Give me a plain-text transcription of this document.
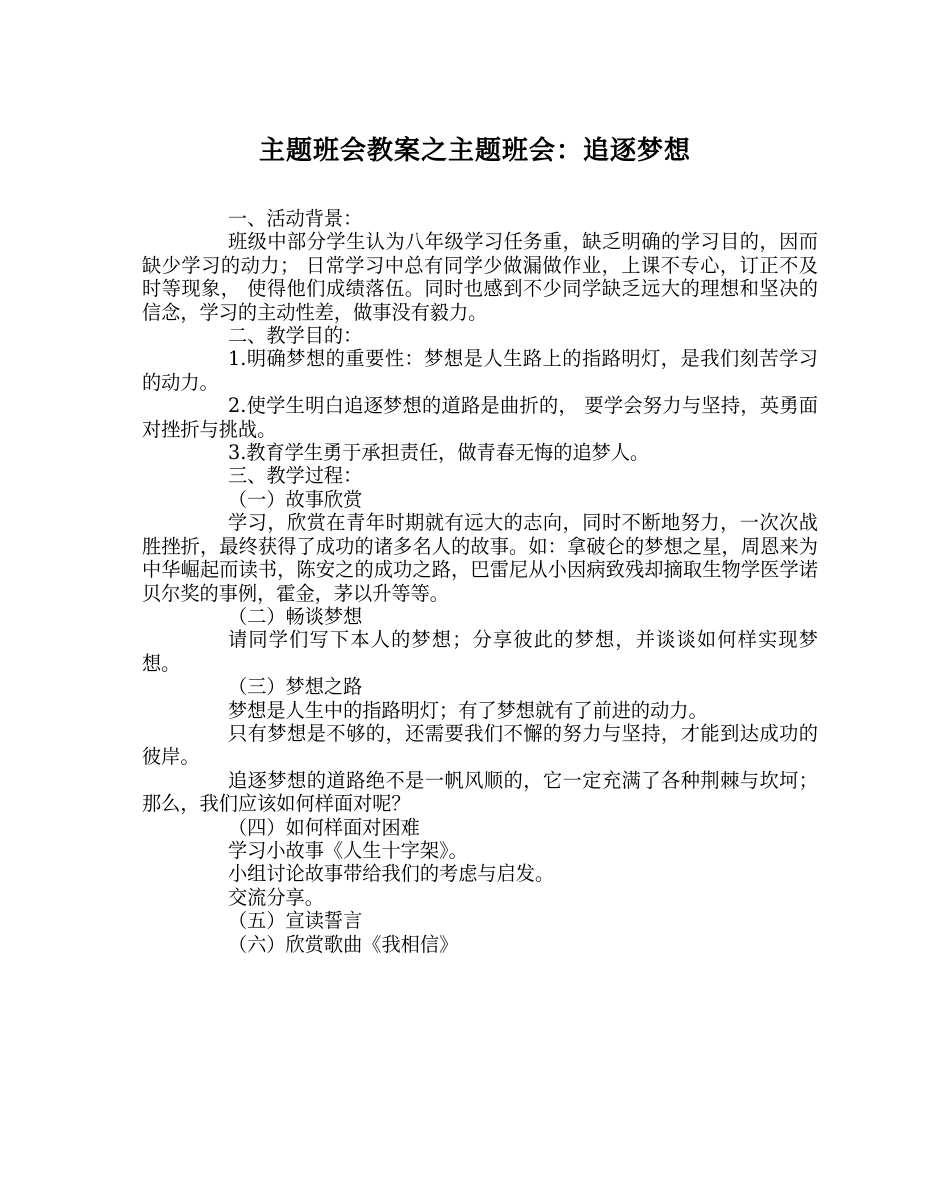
主题班会教案之主题班会：追逐梦想

一、活动背景：

班级中部分学生认为八年级学习任务重，缺乏明确的学习目的，因而缺少学习的动力； 日常学习中总有同学少做漏做作业，上课不专心，订正不及时等现象， 使得他们成绩落伍。同时也感到不少同学缺乏远大的理想和坚决的信念，学习的主动性差，做事没有毅力。

二、教学目的：

1.明确梦想的重要性：梦想是人生路上的指路明灯，是我们刻苦学习的动力。

2.使学生明白追逐梦想的道路是曲折的， 要学会努力与坚持，英勇面对挫折与挑战。

3.教育学生勇于承担责任，做青春无悔的追梦人。

三、教学过程：

（一）故事欣赏

学习，欣赏在青年时期就有远大的志向，同时不断地努力，一次次战胜挫折，最终获得了成功的诸多名人的故事。如：拿破仑的梦想之星，周恩来为中华崛起而读书，陈安之的成功之路，巴雷尼从小因病致残却摘取生物学医学诺贝尔奖的事例，霍金，茅以升等等。

（二）畅谈梦想

请同学们写下本人的梦想；分享彼此的梦想，并谈谈如何样实现梦想。

（三）梦想之路

梦想是人生中的指路明灯；有了梦想就有了前进的动力。

只有梦想是不够的，还需要我们不懈的努力与坚持，才能到达成功的彼岸。

追逐梦想的道路绝不是一帆风顺的，它一定充满了各种荆棘与坎坷；那么，我们应该如何样面对呢？

（四）如何样面对困难

学习小故事《人生十字架》。

小组讨论故事带给我们的考虑与启发。

交流分享。

（五）宣读誓言

（六）欣赏歌曲《我相信》
